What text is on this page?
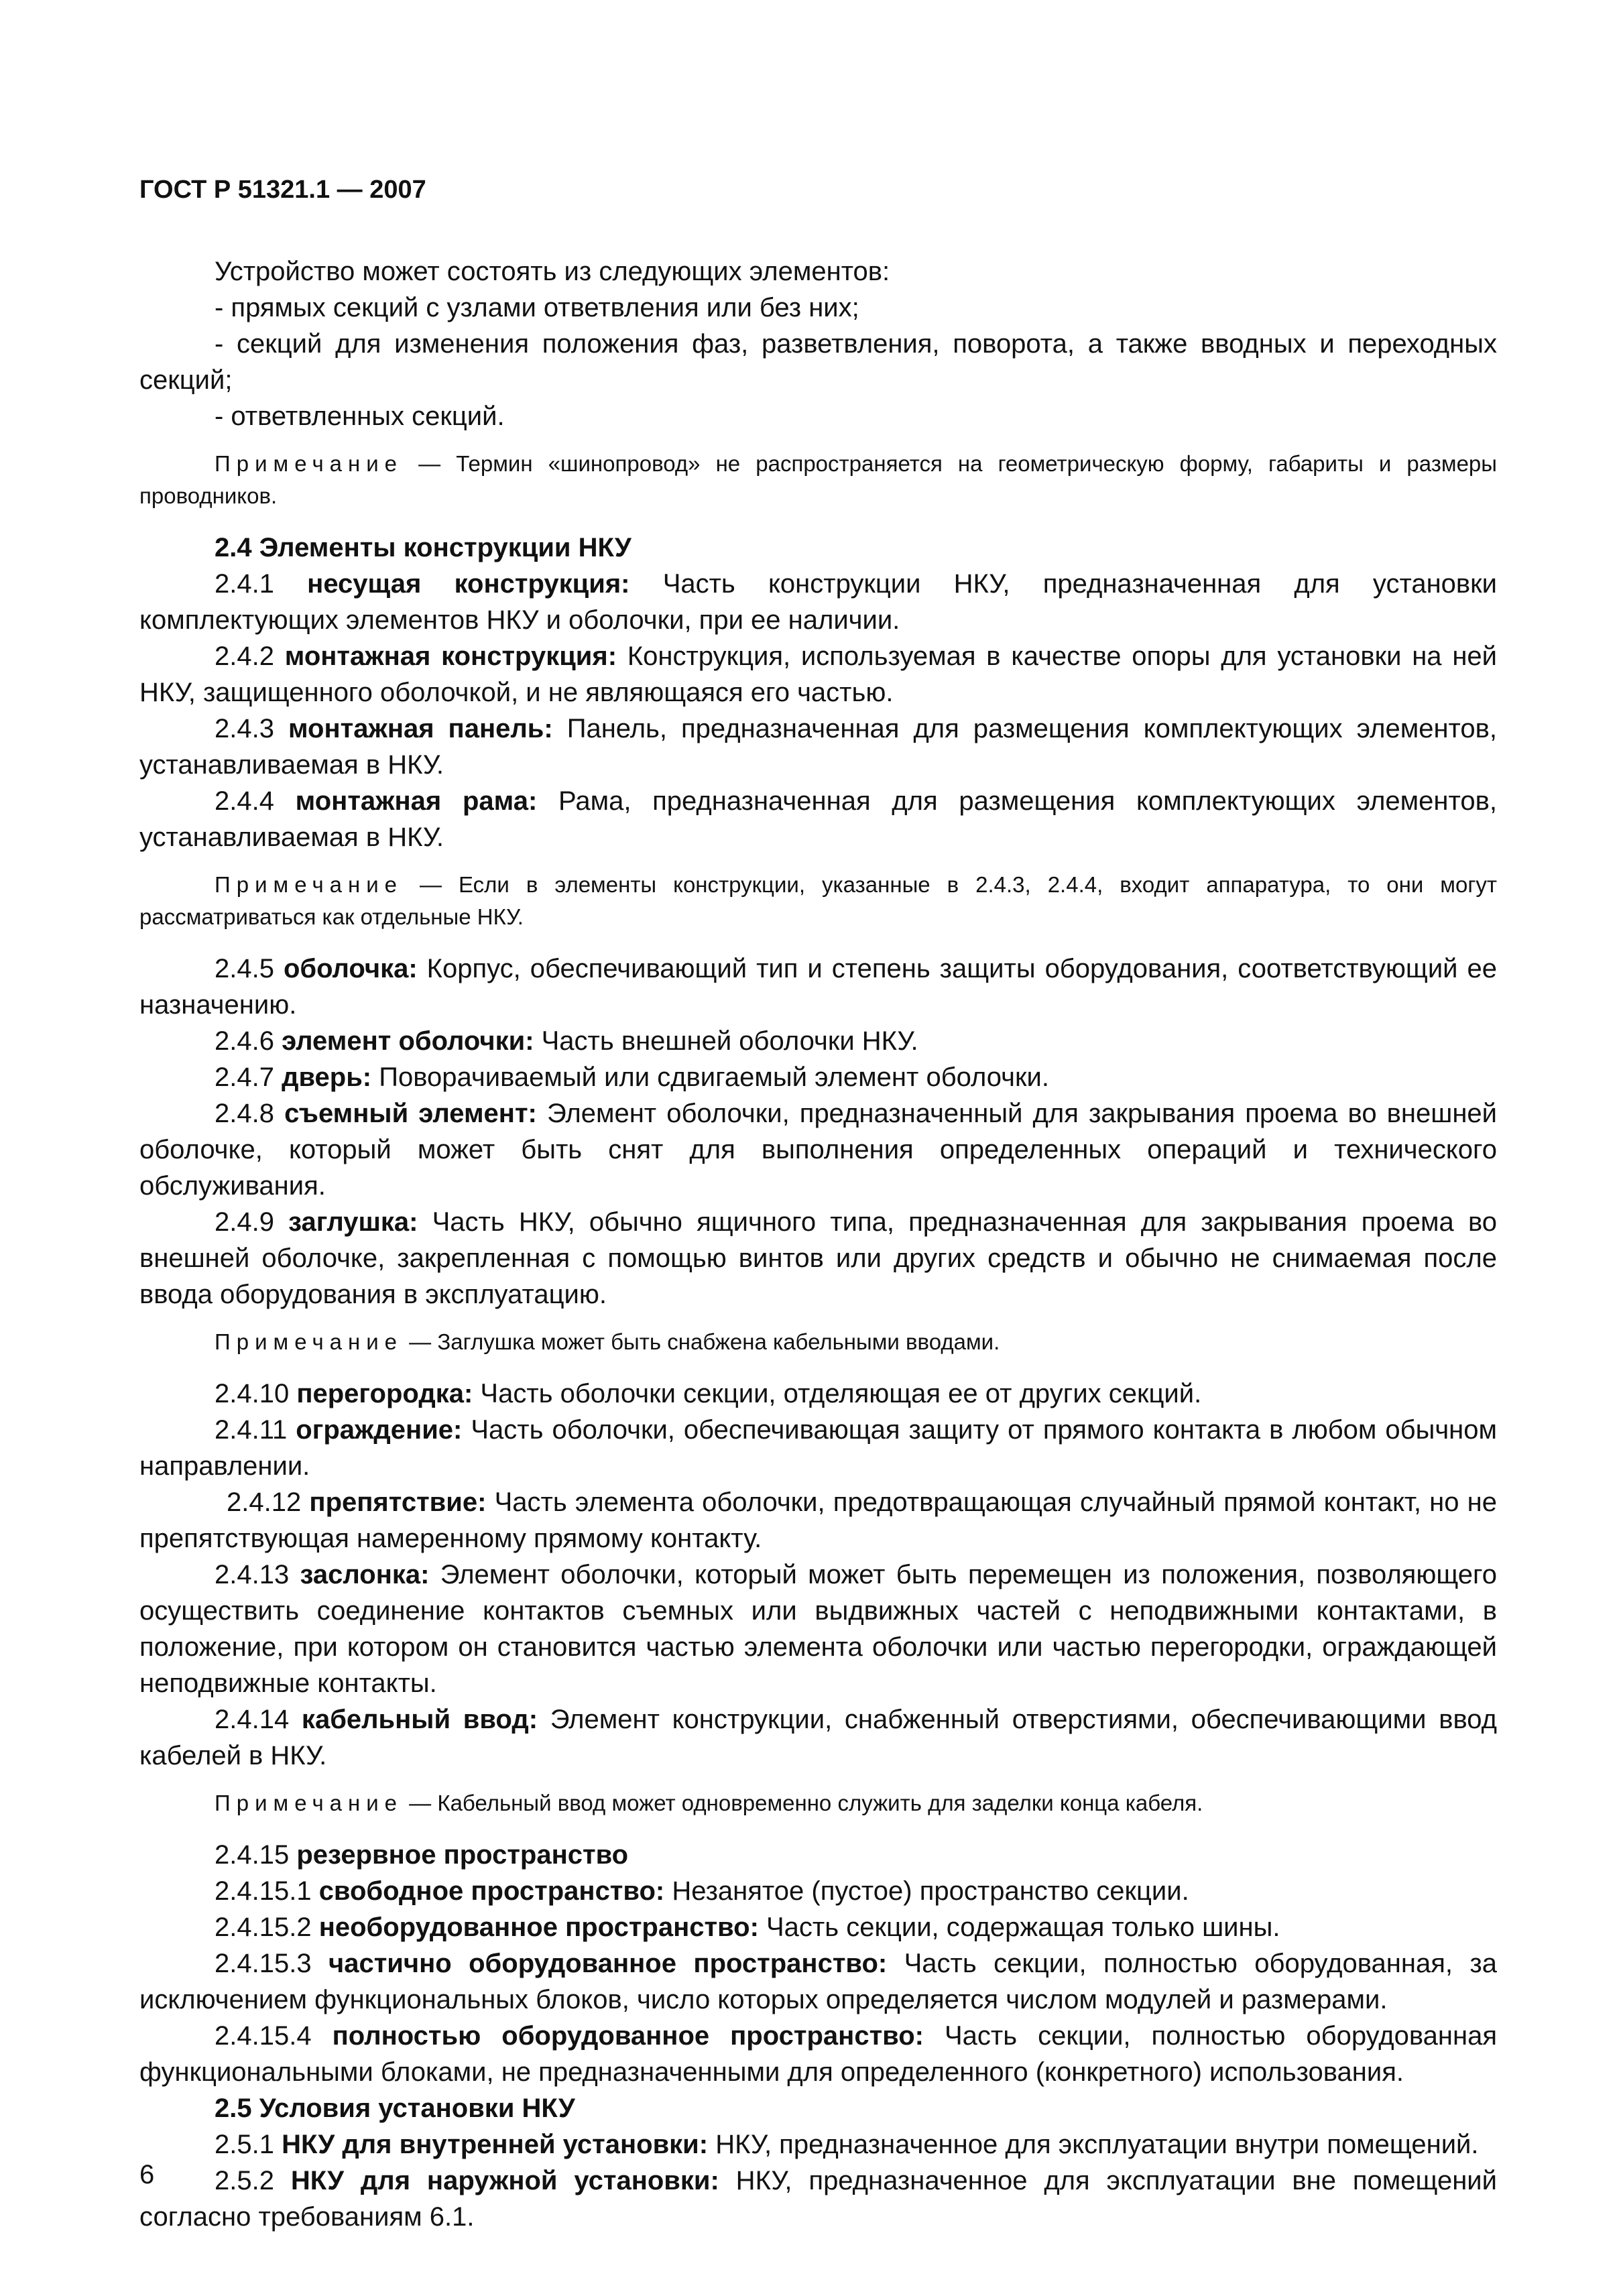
ГОСТ Р 51321.1 — 2007

Устройство может состоять из следующих элементов:

- прямых секций с узлами ответвления или без них;

- секций для изменения положения фаз, разветвления, поворота, а также вводных и переходных секций;

- ответвленных секций.

Примечание — Термин «шинопровод» не распространяется на геометрическую форму, габариты и размеры проводников.

2.4 Элементы конструкции НКУ

2.4.1 несущая конструкция: Часть конструкции НКУ, предназначенная для установки комплектующих элементов НКУ и оболочки, при ее наличии.

2.4.2 монтажная конструкция: Конструкция, используемая в качестве опоры для установки на ней НКУ, защищенного оболочкой, и не являющаяся его частью.

2.4.3 монтажная панель: Панель, предназначенная для размещения комплектующих элементов, устанавливаемая в НКУ.

2.4.4 монтажная рама: Рама, предназначенная для размещения комплектующих элементов, устанавливаемая в НКУ.

Примечание — Если в элементы конструкции, указанные в 2.4.3, 2.4.4, входит аппаратура, то они могут рассматриваться как отдельные НКУ.

2.4.5 оболочка: Корпус, обеспечивающий тип и степень защиты оборудования, соответствующий ее назначению.

2.4.6 элемент оболочки: Часть внешней оболочки НКУ.

2.4.7 дверь: Поворачиваемый или сдвигаемый элемент оболочки.

2.4.8 съемный элемент: Элемент оболочки, предназначенный для закрывания проема во внешней оболочке, который может быть снят для выполнения определенных операций и технического обслуживания.

2.4.9 заглушка: Часть НКУ, обычно ящичного типа, предназначенная для закрывания проема во внешней оболочке, закрепленная с помощью винтов или других средств и обычно не снимаемая после ввода оборудования в эксплуатацию.

Примечание — Заглушка может быть снабжена кабельными вводами.

2.4.10 перегородка: Часть оболочки секции, отделяющая ее от других секций.

2.4.11 ограждение: Часть оболочки, обеспечивающая защиту от прямого контакта в любом обычном направлении.

2.4.12 препятствие: Часть элемента оболочки, предотвращающая случайный прямой контакт, но не препятствующая намеренному прямому контакту.

2.4.13 заслонка: Элемент оболочки, который может быть перемещен из положения, позволяющего осуществить соединение контактов съемных или выдвижных частей с неподвижными контактами, в положение, при котором он становится частью элемента оболочки или частью перегородки, ограждающей неподвижные контакты.

2.4.14 кабельный ввод: Элемент конструкции, снабженный отверстиями, обеспечивающими ввод кабелей в НКУ.

Примечание — Кабельный ввод может одновременно служить для заделки конца кабеля.

2.4.15 резервное пространство

2.4.15.1 свободное пространство: Незанятое (пустое) пространство секции.

2.4.15.2 необорудованное пространство: Часть секции, содержащая только шины.

2.4.15.3 частично оборудованное пространство: Часть секции, полностью оборудованная, за исключением функциональных блоков, число которых определяется числом модулей и размерами.

2.4.15.4 полностью оборудованное пространство: Часть секции, полностью оборудованная функциональными блоками, не предназначенными для определенного (конкретного) использования.

2.5 Условия установки НКУ

2.5.1 НКУ для внутренней установки: НКУ, предназначенное для эксплуатации внутри помещений.

2.5.2 НКУ для наружной установки: НКУ, предназначенное для эксплуатации вне помещений согласно требованиям 6.1.

6
